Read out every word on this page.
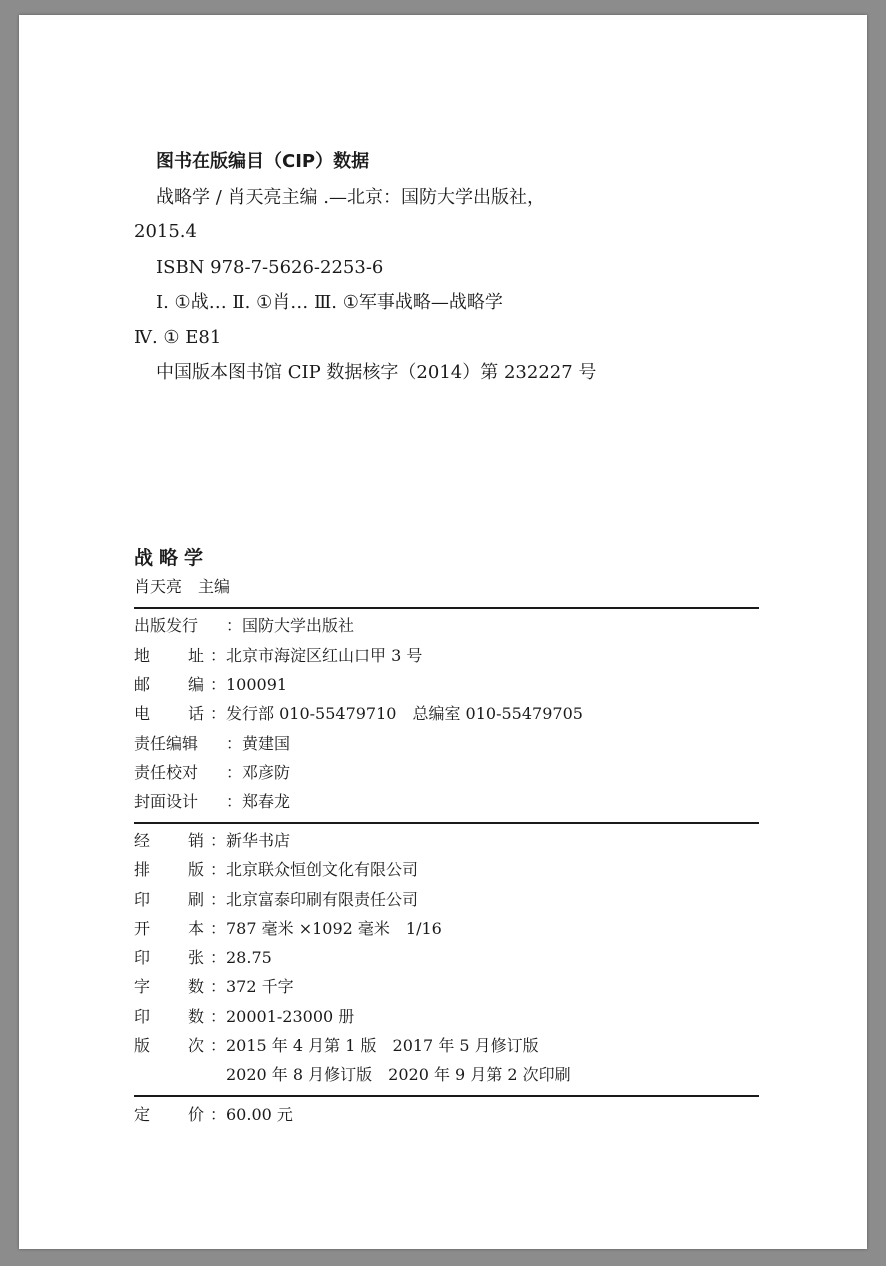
图书在版编目（CIP）数据
战略学 / 肖天亮主编 .—北京：国防大学出版社，
2015.4
ISBN 978-7-5626-2253-6
Ⅰ. ①战… Ⅱ. ①肖… Ⅲ. ①军事战略—战略学
Ⅳ. ① E81
中国版本图书馆 CIP 数据核字（2014）第 232227 号
战略学
肖天亮　主编
出版发行 ：国防大学出版社
地址 ：北京市海淀区红山口甲 3 号
邮编 ：100091
电话 ：发行部 010-55479710　总编室 010-55479705
责任编辑 ：黄建国
责任校对 ：邓彦防
封面设计 ：郑春龙
经销 ：新华书店
排版 ：北京联众恒创文化有限公司
印刷 ：北京富泰印刷有限责任公司
开本 ：787 毫米 ×1092 毫米　1/16
印张 ：28.75
字数 ：372 千字
印数 ：20001-23000 册
版次 ：2015 年 4 月第 1 版　2017 年 5 月修订版
　2020 年 8 月修订版　2020 年 9 月第 2 次印刷
定价 ：60.00 元
